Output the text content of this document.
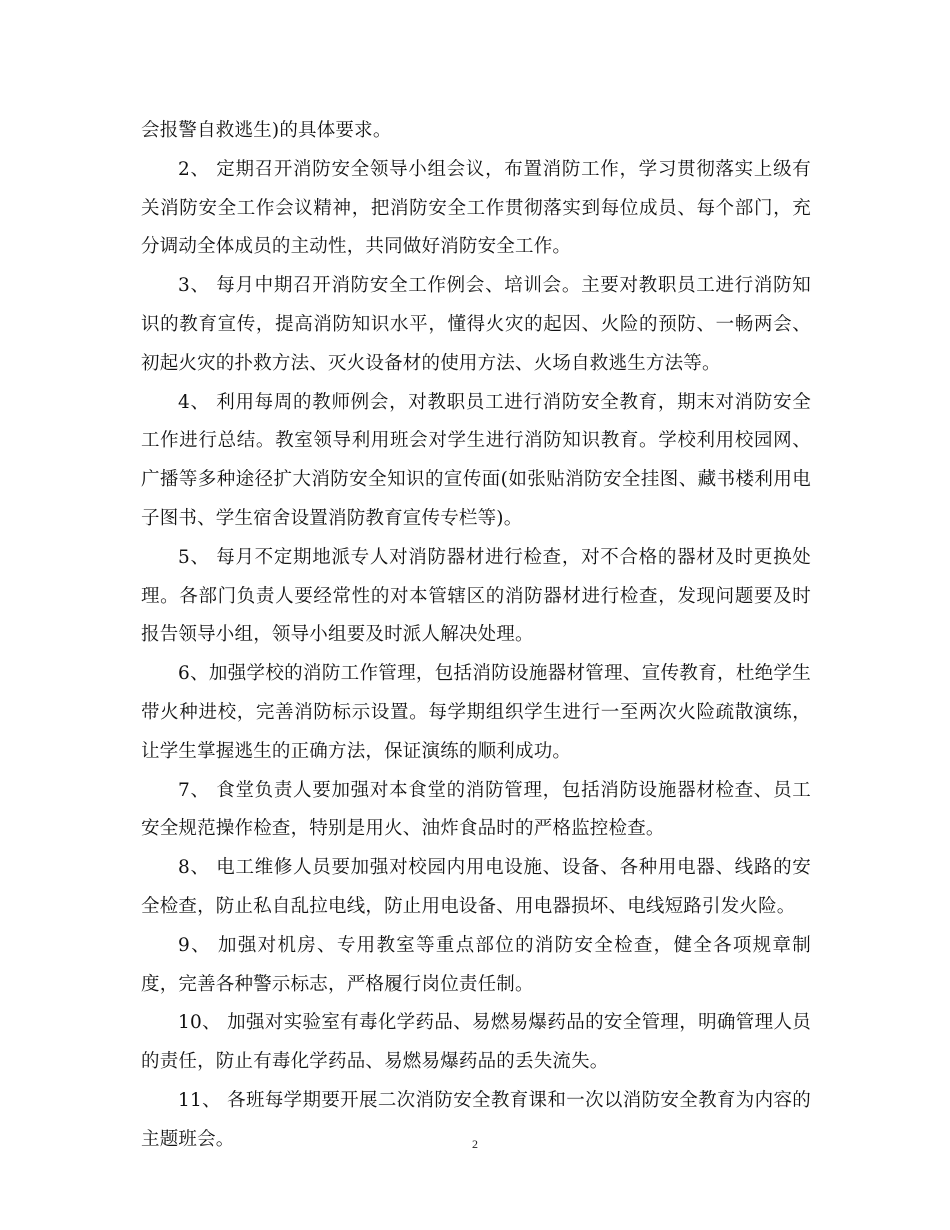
会报警自救逃生)的具体要求。

2、 定期召开消防安全领导小组会议，布置消防工作，学习贯彻落实上级有关消防安全工作会议精神，把消防安全工作贯彻落实到每位成员、每个部门，充分调动全体成员的主动性，共同做好消防安全工作。

3、 每月中期召开消防安全工作例会、培训会。主要对教职员工进行消防知识的教育宣传，提高消防知识水平，懂得火灾的起因、火险的预防、一畅两会、初起火灾的扑救方法、灭火设备材的使用方法、火场自救逃生方法等。

4、 利用每周的教师例会，对教职员工进行消防安全教育，期末对消防安全工作进行总结。教室领导利用班会对学生进行消防知识教育。学校利用校园网、广播等多种途径扩大消防安全知识的宣传面(如张贴消防安全挂图、藏书楼利用电子图书、学生宿舍设置消防教育宣传专栏等)。

5、 每月不定期地派专人对消防器材进行检查，对不合格的器材及时更换处理。各部门负责人要经常性的对本管辖区的消防器材进行检查，发现问题要及时报告领导小组，领导小组要及时派人解决处理。

6、加强学校的消防工作管理，包括消防设施器材管理、宣传教育，杜绝学生带火种进校，完善消防标示设置。每学期组织学生进行一至两次火险疏散演练，让学生掌握逃生的正确方法，保证演练的顺利成功。

7、 食堂负责人要加强对本食堂的消防管理，包括消防设施器材检查、员工安全规范操作检查，特别是用火、油炸食品时的严格监控检查。

8、 电工维修人员要加强对校园内用电设施、设备、各种用电器、线路的安全检查，防止私自乱拉电线，防止用电设备、用电器损坏、电线短路引发火险。

9、 加强对机房、专用教室等重点部位的消防安全检查，健全各项规章制度，完善各种警示标志，严格履行岗位责任制。

10、 加强对实验室有毒化学药品、易燃易爆药品的安全管理，明确管理人员的责任，防止有毒化学药品、易燃易爆药品的丢失流失。

11、 各班每学期要开展二次消防安全教育课和一次以消防安全教育为内容的主题班会。	2
